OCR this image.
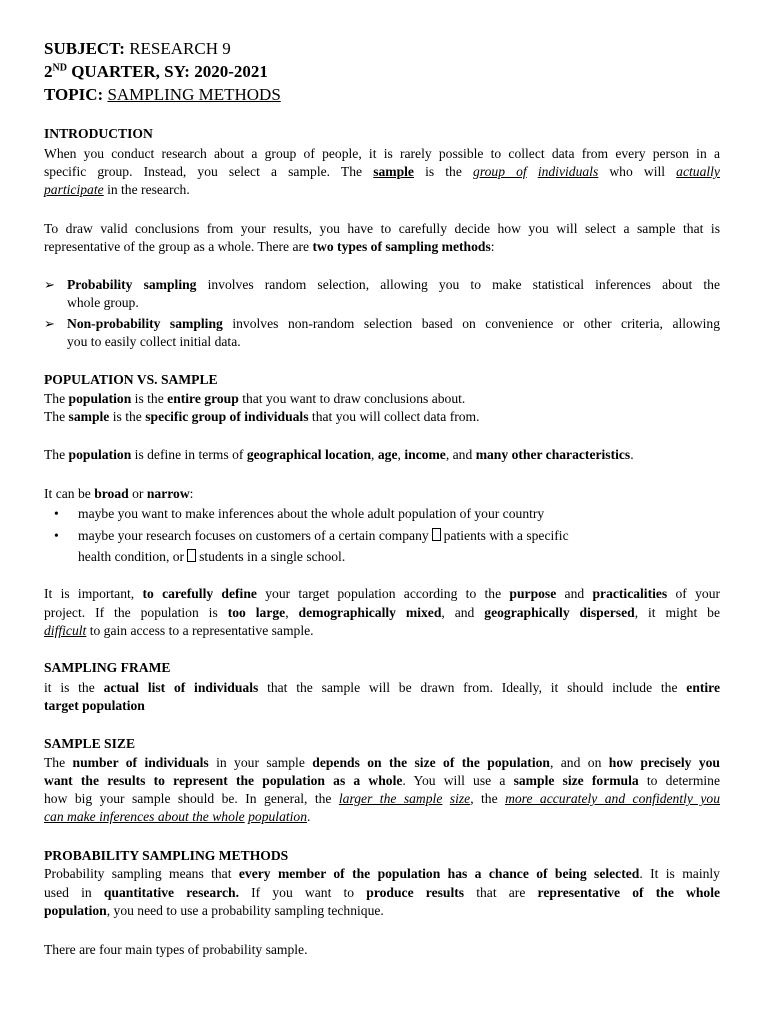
SUBJECT: RESEARCH 9
2ND QUARTER, SY: 2020-2021
TOPIC: SAMPLING METHODS
INTRODUCTION
When you conduct research about a group of people, it is rarely possible to collect data from every person in a
specific group. Instead, you select a sample. The sample is the group of individuals who will actually
participate in the research.
To draw valid conclusions from your results, you have to carefully decide how you will select a sample that is
representative of the group as a whole. There are two types of sampling methods:
➢ Probability sampling involves random selection, allowing you to make statistical inferences about the
whole group.
➢ Non-probability sampling involves non-random selection based on convenience or other criteria, allowing
you to easily collect initial data.
POPULATION VS. SAMPLE
The population is the entire group that you want to draw conclusions about.
The sample is the specific group of individuals that you will collect data from.
The population is define in terms of geographical location, age, income, and many other characteristics.
It can be broad or narrow:
• maybe you want to make inferences about the whole adult population of your country
• maybe your research focuses on customers of a certain company patients with a specific
health condition, or students in a single school.
It is important, to carefully define your target population according to the purpose and practicalities of your
project. If the population is too large, demographically mixed, and geographically dispersed, it might be
difficult to gain access to a representative sample.
SAMPLING FRAME
it is the actual list of individuals that the sample will be drawn from. Ideally, it should include the entire
target population
SAMPLE SIZE
The number of individuals in your sample depends on the size of the population, and on how precisely you
want the results to represent the population as a whole. You will use a sample size formula to determine
how big your sample should be. In general, the larger the sample size, the more accurately and confidently you
can make inferences about the whole population.
PROBABILITY SAMPLING METHODS
Probability sampling means that every member of the population has a chance of being selected. It is mainly
used in quantitative research. If you want to produce results that are representative of the whole
population, you need to use a probability sampling technique.
There are four main types of probability sample.
